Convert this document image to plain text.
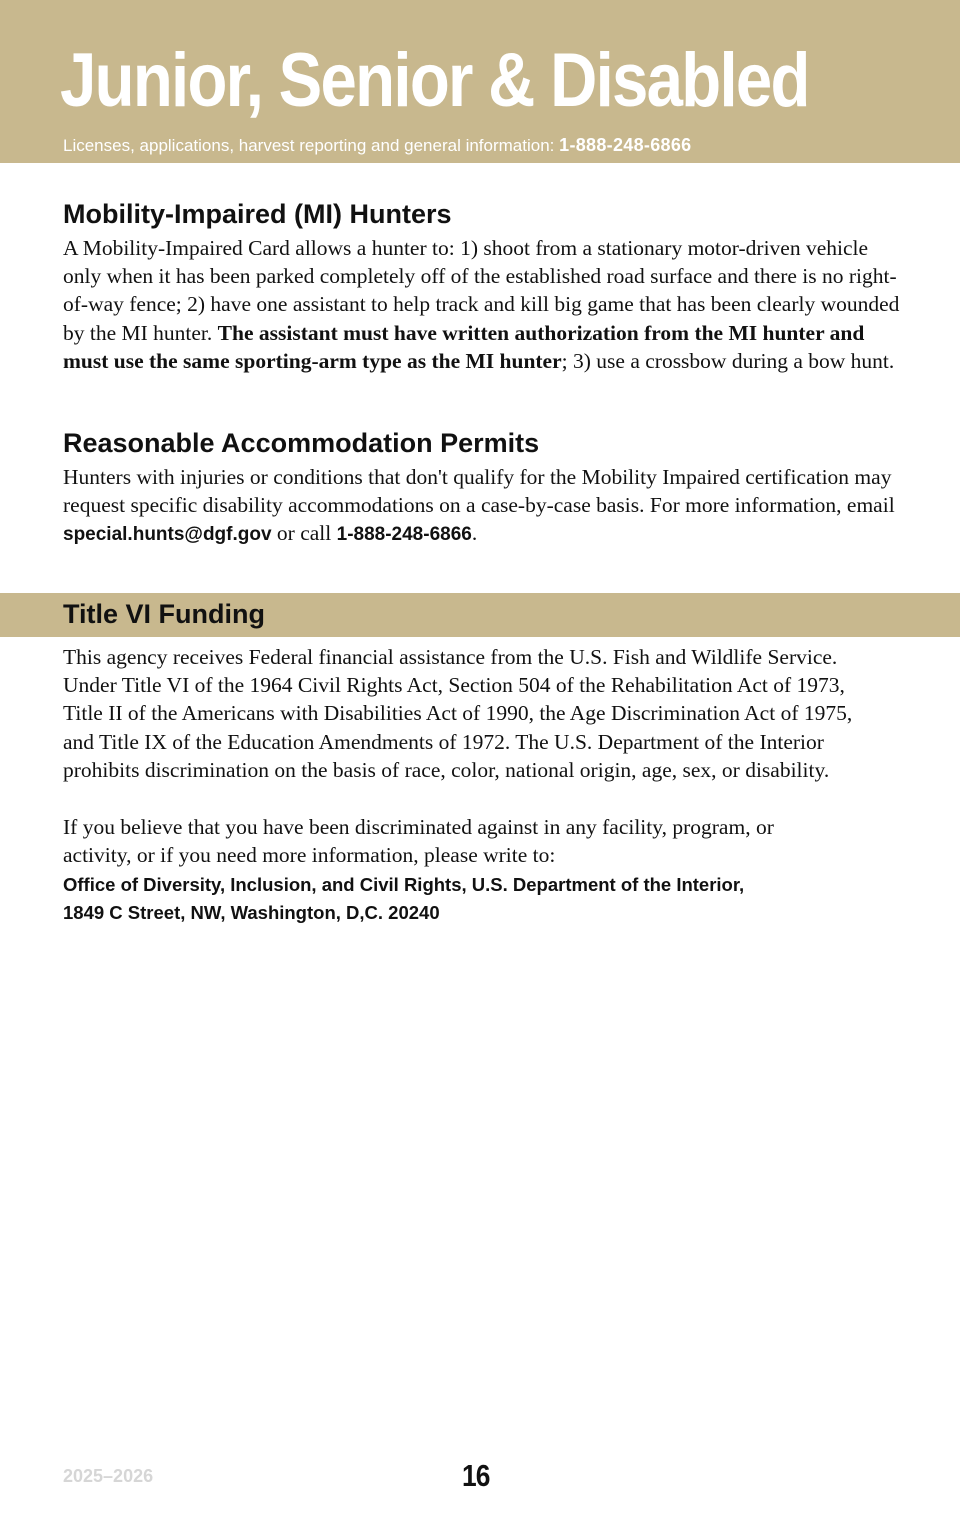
Junior, Senior & Disabled
Licenses, applications, harvest reporting and general information: 1-888-248-6866
Mobility-Impaired (MI) Hunters

A Mobility-Impaired Card allows a hunter to: 1) shoot from a stationary motor-driven vehicle only when it has been parked completely off of the established road surface and there is no right-of-way fence; 2) have one assistant to help track and kill big game that has been clearly wounded by the MI hunter. The assistant must have written authorization from the MI hunter and must use the same sporting-arm type as the MI hunter; 3) use a crossbow during a bow hunt.

Reasonable Accommodation Permits

Hunters with injuries or conditions that don't qualify for the Mobility Impaired certification may request specific disability accommodations on a case-by-case basis. For more information, email special.hunts@dgf.gov or call 1-888-248-6866.

Title VI Funding

This agency receives Federal financial assistance from the U.S. Fish and Wildlife Service. Under Title VI of the 1964 Civil Rights Act, Section 504 of the Rehabilitation Act of 1973, Title II of the Americans with Disabilities Act of 1990, the Age Discrimination Act of 1975, and Title IX of the Education Amendments of 1972. The U.S. Department of the Interior prohibits discrimination on the basis of race, color, national origin, age, sex, or disability.

If you believe that you have been discriminated against in any facility, program, or activity, or if you need more information, please write to:

Office of Diversity, Inclusion, and Civil Rights, U.S. Department of the Interior,
1849 C Street, NW, Washington, D,C. 20240
2025–2026	16
